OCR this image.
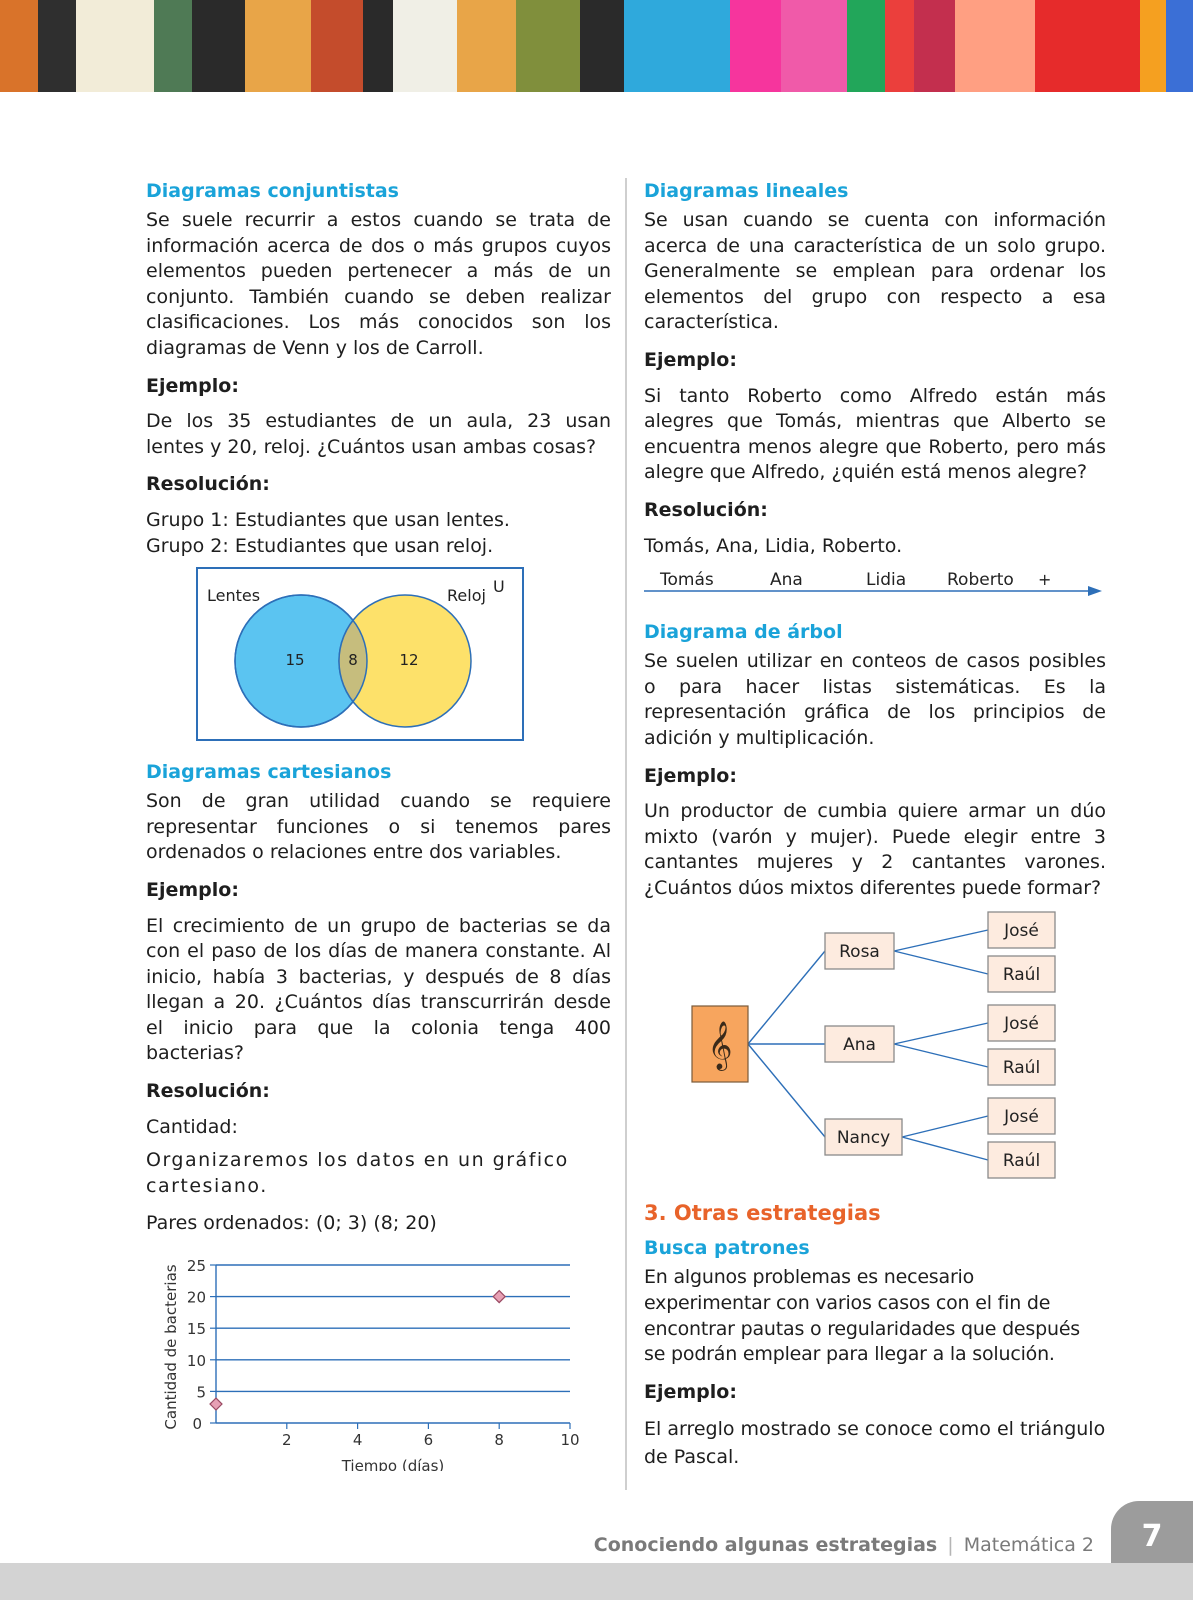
Diagramas conjuntistas

Se suele recurrir a estos cuando se trata de información acerca de dos o más grupos cuyos elementos pueden pertenecer a más de un conjunto. También cuando se deben realizar clasificaciones. Los más conocidos son los diagramas de Venn y los de Carroll.

Ejemplo:

De los 35 estudiantes de un aula, 23 usan lentes y 20, reloj. ¿Cuántos usan ambas cosas?

Resolución:

Grupo 1: Estudiantes que usan lentes.

Grupo 2: Estudiantes que usan reloj.

Lentes	Reloj U
15	8	12
Diagramas cartesianos

Son de gran utilidad cuando se requiere representar funciones o si tenemos pares ordenados o relaciones entre dos variables.

Ejemplo:

El crecimiento de un grupo de bacterias se da con el paso de los días de manera constante. Al inicio, había 3 bacterias, y después de 8 días llegan a 20. ¿Cuántos días transcurrirán desde el inicio para que la colonia tenga 400 bacterias?

Resolución:

Cantidad:

Organizaremos los datos en un gráfico cartesiano.

Pares ordenados: (0; 3) (8; 20)

0
5
10
15
20
25
2	4	6	8	10
Tiempo (días)
Cantidad de bacterias
Diagramas lineales

Se usan cuando se cuenta con información acerca de una característica de un solo grupo. Generalmente se emplean para ordenar los elementos del grupo con respecto a esa característica.

Ejemplo:

Si tanto Roberto como Alfredo están más alegres que Tomás, mientras que Alberto se encuentra menos alegre que Roberto, pero más alegre que Alfredo, ¿quién está menos alegre?

Resolución:

Tomás, Ana, Lidia, Roberto.

Tomás	Ana	Lidia Roberto +
Diagrama de árbol

Se suelen utilizar en conteos de casos posibles o para hacer listas sistemáticas. Es la representación gráfica de los principios de adición y multiplicación.

Ejemplo:

Un productor de cumbia quiere armar un dúo mixto (varón y mujer). Puede elegir entre 3 cantantes mujeres y 2 cantantes varones. ¿Cuántos dúos mixtos diferentes puede formar?

𝄞
Rosa
Ana
Nancy
José
Raúl
José
Raúl
José
Raúl
3. Otras estrategias
Busca patrones

En algunos problemas es necesario experimentar con varios casos con el fin de encontrar pautas o regularidades que después se podrán emplear para llegar a la solución.

Ejemplo:

El arreglo mostrado se conoce como el triángulo de Pascal.

Conociendo algunas estrategias | Matemática 2	7
